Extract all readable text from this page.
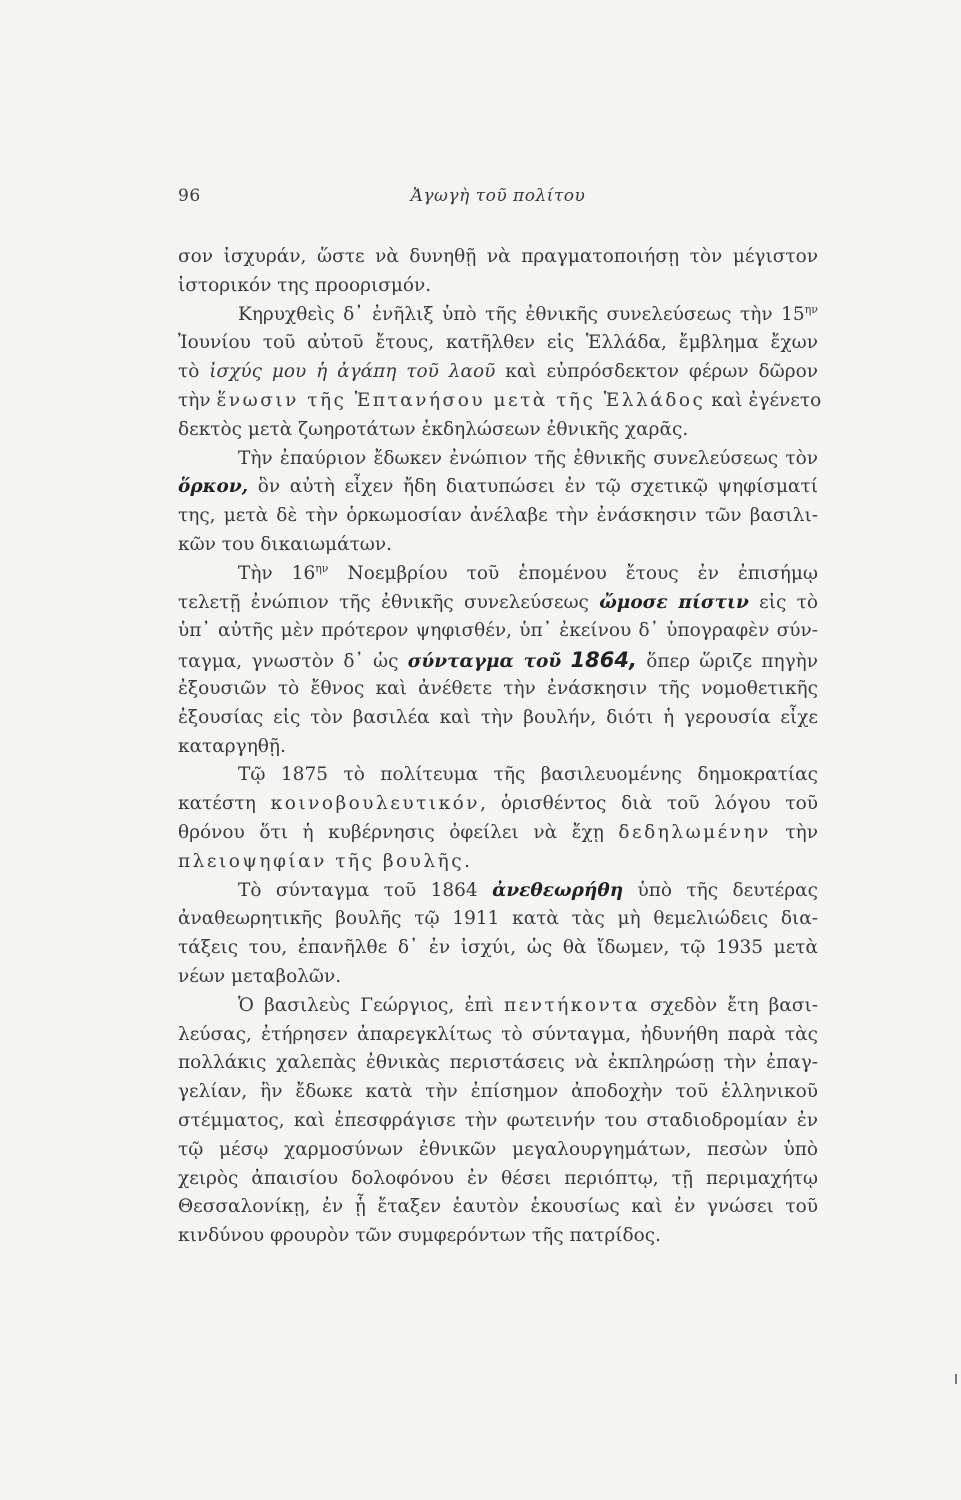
96	Ἀγωγὴ τοῦ πολίτου
σον ἰσχυράν, ὥστε νὰ δυνηθῇ νὰ πραγματοποιήσῃ τὸν μέγιστον
ἱστορικόν της προορισμόν.
Κηρυχθεὶς δ᾽ ἐνῆλιξ ὑπὸ τῆς ἐθνικῆς συνελεύσεως τὴν $15^{\eta\nu}$
Ἰουνίου τοῦ αὐτοῦ ἔτους, κατῆλθεν εἰς Ἑλλάδα, ἔμβλημα ἔχων
τὸ ἰσχύς μου ἡ ἀγάπη τοῦ λαοῦ καὶ εὐπρόσδεκτον φέρων δῶρον
τὴν ἕνωσιν τῆς Ἑπτανήσου μετὰ τῆς Ἑλλάδος καὶ ἐγένετο
δεκτὸς μετὰ ζωηροτάτων ἐκδηλώσεων ἐθνικῆς χαρᾶς.
Τὴν ἐπαύριον ἔδωκεν ἐνώπιον τῆς ἐθνικῆς συνελεύσεως τὸν
ὅρκον, ὃν αὐτὴ εἶχεν ἤδη διατυπώσει ἐν τῷ σχετικῷ ψηφίσματί
της, μετὰ δὲ τὴν ὁρκωμοσίαν ἀνέλαβε τὴν ἐνάσκησιν τῶν βασιλι-
κῶν του δικαιωμάτων.
Τὴν $16^{\eta\nu}$ Νοεμβρίου τοῦ ἑπομένου ἔτους ἐν ἐπισήμῳ
τελετῇ ἐνώπιον τῆς ἐθνικῆς συνελεύσεως ὤμοσε πίστιν εἰς τὸ
ὑπ᾽ αὐτῆς μὲν πρότερον ψηφισθέν, ὑπ᾽ ἐκείνου δ᾽ ὑπογραφὲν σύν-
ταγμα, γνωστὸν δ᾽ ὡς σύνταγμα τοῦ 1864, ὅπερ ὥριζε πηγὴν
ἐξουσιῶν τὸ ἔθνος καὶ ἀνέθετε τὴν ἐνάσκησιν τῆς νομοθετικῆς
ἐξουσίας εἰς τὸν βασιλέα καὶ τὴν βουλήν, διότι ἡ γερουσία εἶχε
καταργηθῇ.
Τῷ 1875 τὸ πολίτευμα τῆς βασιλευομένης δημοκρατίας
κατέστη κοινοβουλευτικόν, ὁρισθέντος διὰ τοῦ λόγου τοῦ
θρόνου ὅτι ἡ κυβέρνησις ὀφείλει νὰ ἔχῃ δεδηλωμένην τὴν
πλειοψηφίαν τῆς βουλῆς.
Τὸ σύνταγμα τοῦ 1864 ἀνεθεωρήθη ὑπὸ τῆς δευτέρας
ἀναθεωρητικῆς βουλῆς τῷ 1911 κατὰ τὰς μὴ θεμελιώδεις δια-
τάξεις του, ἐπανῆλθε δ᾽ ἐν ἰσχύι, ὡς θὰ ἴδωμεν, τῷ 1935 μετὰ
νέων μεταβολῶν.
Ὁ βασιλεὺς Γεώργιος, ἐπὶ πεντήκοντα σχεδὸν ἔτη βασι-
λεύσας, ἐτήρησεν ἀπαρεγκλίτως τὸ σύνταγμα, ἠδυνήθη παρὰ τὰς
πολλάκις χαλεπὰς ἐθνικὰς περιστάσεις νὰ ἐκπληρώσῃ τὴν ἐπαγ-
γελίαν, ἣν ἔδωκε κατὰ τὴν ἐπίσημον ἀποδοχὴν τοῦ ἑλληνικοῦ
στέμματος, καὶ ἐπεσφράγισε τὴν φωτεινήν του σταδιοδρομίαν ἐν
τῷ μέσῳ χαρμοσύνων ἐθνικῶν μεγαλουργημάτων, πεσὼν ὑπὸ
χειρὸς ἀπαισίου δολοφόνου ἐν θέσει περιόπτῳ, τῇ περιμαχήτῳ
Θεσσαλονίκῃ, ἐν ᾗ ἔταξεν ἑαυτὸν ἑκουσίως καὶ ἐν γνώσει τοῦ
κινδύνου φρουρὸν τῶν συμφερόντων τῆς πατρίδος.
